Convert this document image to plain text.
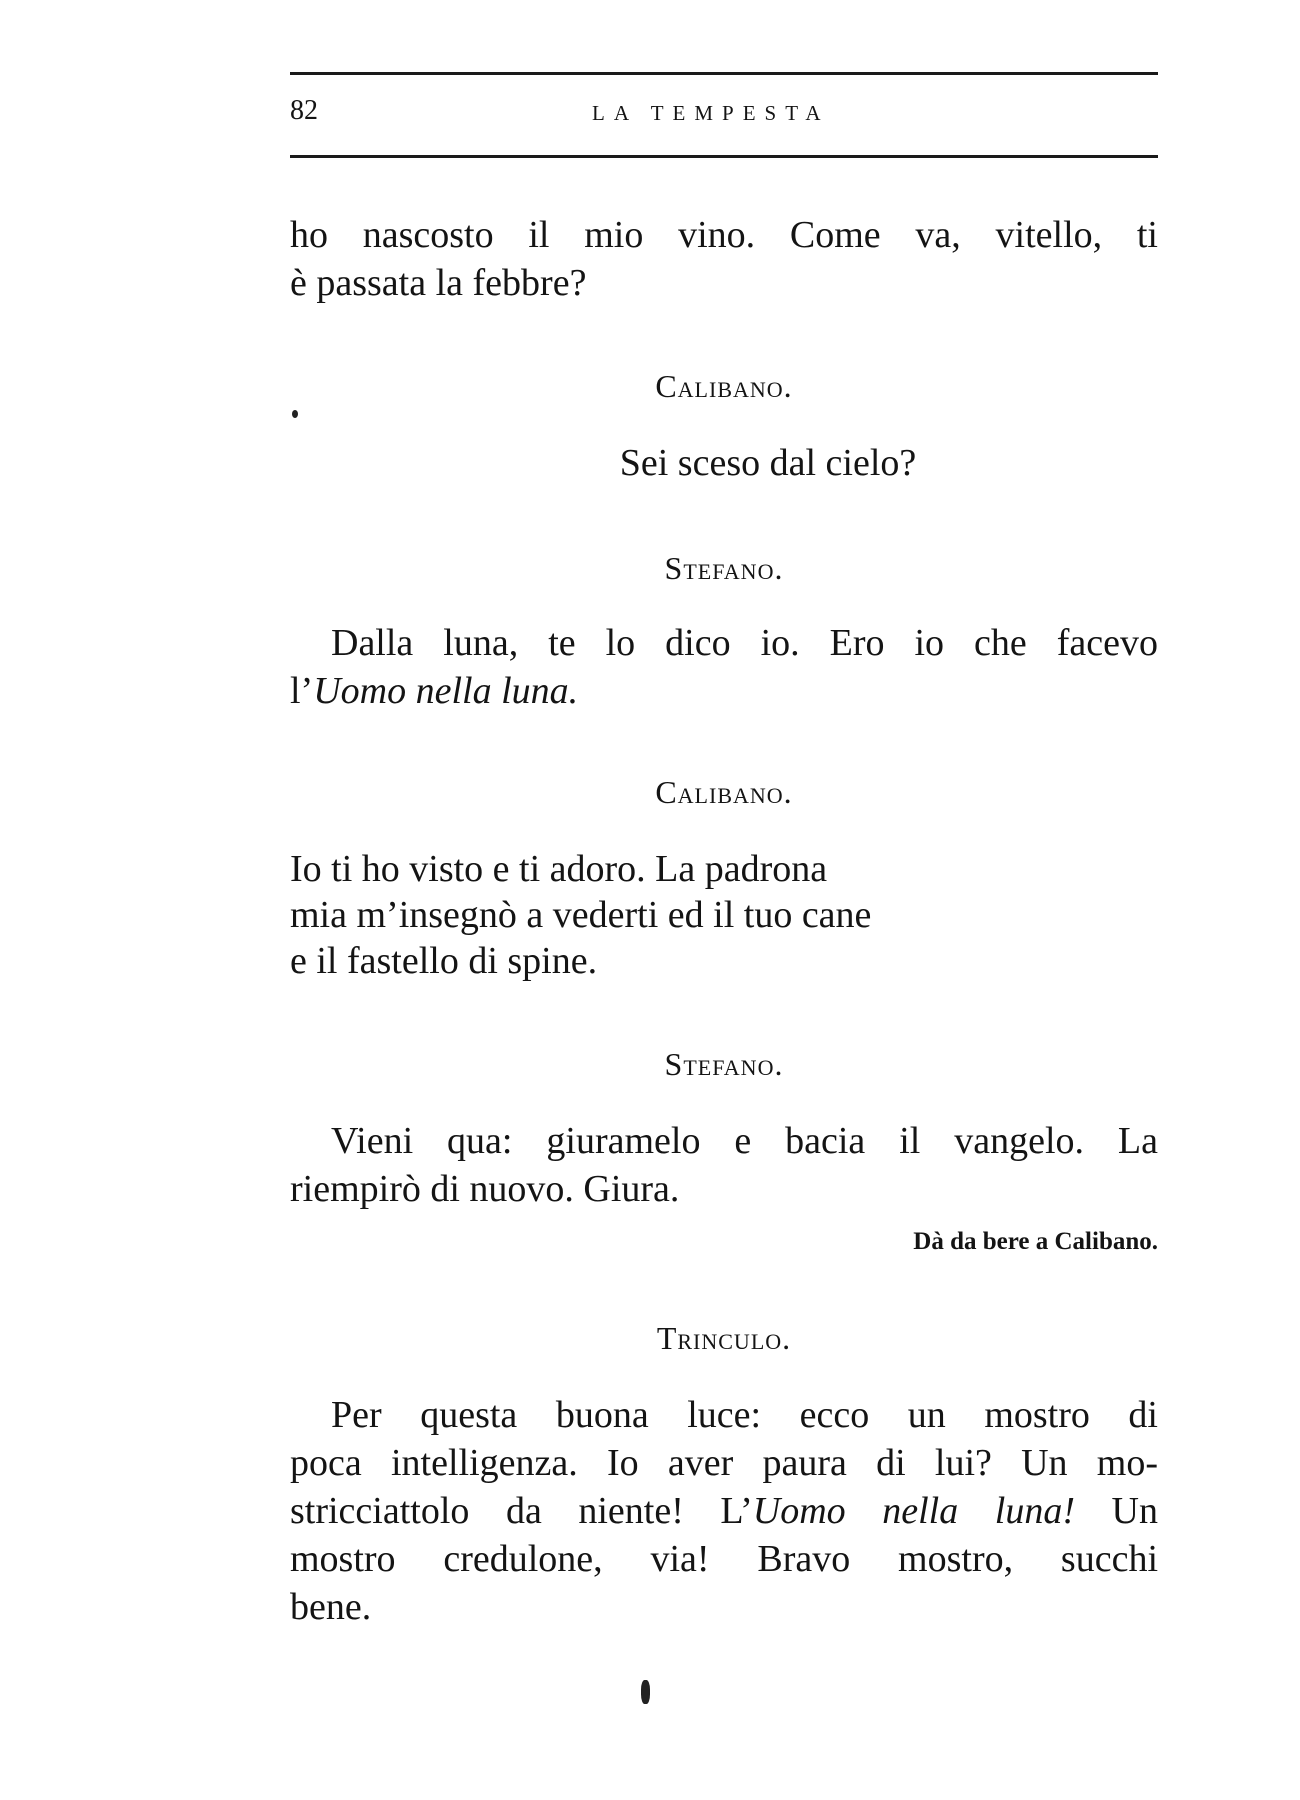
82	LA TEMPESTA
ho nascosto il mio vino. Come va, vitello, ti
è passata la febbre?
Calibano.
Sei sceso dal cielo?
Stefano.
Dalla luna, te lo dico io. Ero io che facevo
l’Uomo nella luna.
Calibano.
Io ti ho visto e ti adoro. La padrona
mia m’insegnò a vederti ed il tuo cane
e il fastello di spine.
Stefano.
Vieni qua: giuramelo e bacia il vangelo. La
riempirò di nuovo. Giura.
Dà da bere a Calibano.
Trinculo.
Per questa buona luce: ecco un mostro di
poca intelligenza. Io aver paura di lui? Un mo-
stricciattolo da niente! L’Uomo nella luna! Un
mostro credulone, via! Bravo mostro, succhi
bene.
